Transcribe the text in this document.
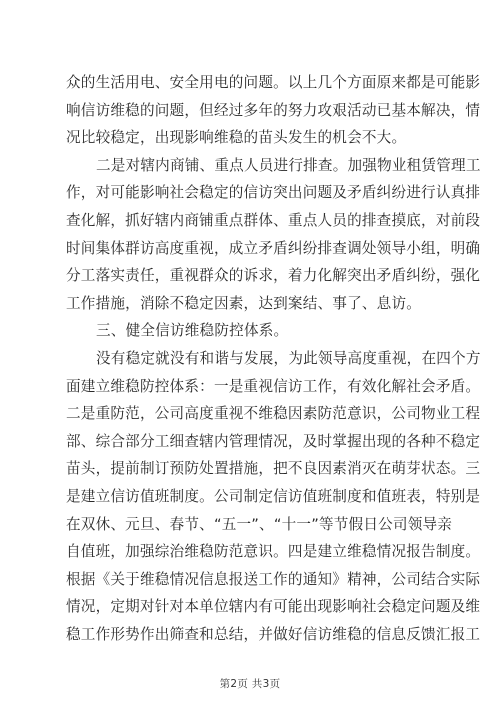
众的生活用电、安全用电的问题。以上几个方面原来都是可能影
响信访维稳的问题，但经过多年的努力攻艰活动已基本解决，情
况比较稳定，出现影响维稳的苗头发生的机会不大。
二是对辖内商铺、重点人员进行排查。加强物业租赁管理工
作，对可能影响社会稳定的信访突出问题及矛盾纠纷进行认真排
查化解，抓好辖内商铺重点群体、重点人员的排查摸底，对前段
时间集体群访高度重视，成立矛盾纠纷排查调处领导小组，明确
分工落实责任，重视群众的诉求，着力化解突出矛盾纠纷，强化
工作措施，消除不稳定因素，达到案结、事了、息访。
三、健全信访维稳防控体系。
没有稳定就没有和谐与发展，为此领导高度重视，在四个方
面建立维稳防控体系：一是重视信访工作，有效化解社会矛盾。
二是重防范，公司高度重视不维稳因素防范意识，公司物业工程
部、综合部分工细查辖内管理情况，及时掌握出现的各种不稳定
苗头，提前制订预防处置措施，把不良因素消灭在萌芽状态。三
是建立信访值班制度。公司制定信访值班制度和值班表，特别是
在双休、元旦、春节、“五一”、“十一”等节假日公司领导亲
自值班，加强综治维稳防范意识。四是建立维稳情况报告制度。
根据《关于维稳情况信息报送工作的通知》精神，公司结合实际
情况，定期对针对本单位辖内有可能出现影响社会稳定问题及维
稳工作形势作出筛查和总结，并做好信访维稳的信息反馈汇报工
第2页 共3页
